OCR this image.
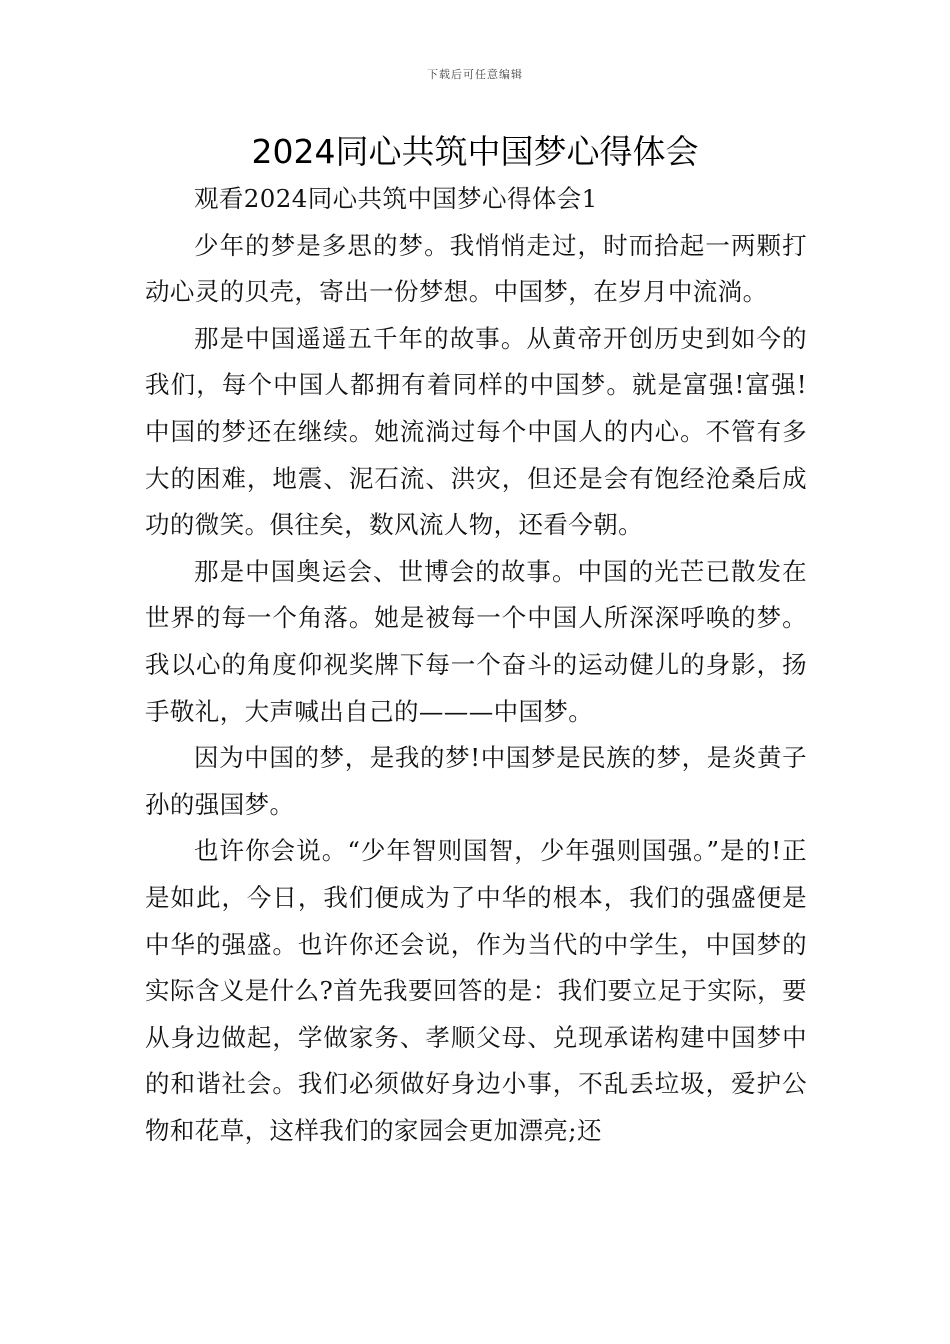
下载后可任意编辑
2024同心共筑中国梦心得体会

观看2024同心共筑中国梦心得体会1

少年的梦是多思的梦。我悄悄走过，时而拾起一两颗打动心灵的贝壳，寄出一份梦想。中国梦，在岁月中流淌。

那是中国遥遥五千年的故事。从黄帝开创历史到如今的我们，每个中国人都拥有着同样的中国梦。就是富强!富强!中国的梦还在继续。她流淌过每个中国人的内心。不管有多大的困难，地震、泥石流、洪灾，但还是会有饱经沧桑后成功的微笑。俱往矣，数风流人物，还看今朝。

那是中国奥运会、世博会的故事。中国的光芒已散发在世界的每一个角落。她是被每一个中国人所深深呼唤的梦。我以心的角度仰视奖牌下每一个奋斗的运动健儿的身影，扬手敬礼，大声喊出自己的———中国梦。

因为中国的梦，是我的梦!中国梦是民族的梦，是炎黄子孙的强国梦。

也许你会说。“少年智则国智，少年强则国强。”是的!正是如此，今日，我们便成为了中华的根本，我们的强盛便是中华的强盛。也许你还会说，作为当代的中学生，中国梦的实际含义是什么?首先我要回答的是：我们要立足于实际，要从身边做起，学做家务、孝顺父母、兑现承诺构建中国梦中的和谐社会。我们必须做好身边小事，不乱丢垃圾，爱护公物和花草，这样我们的家园会更加漂亮;还
